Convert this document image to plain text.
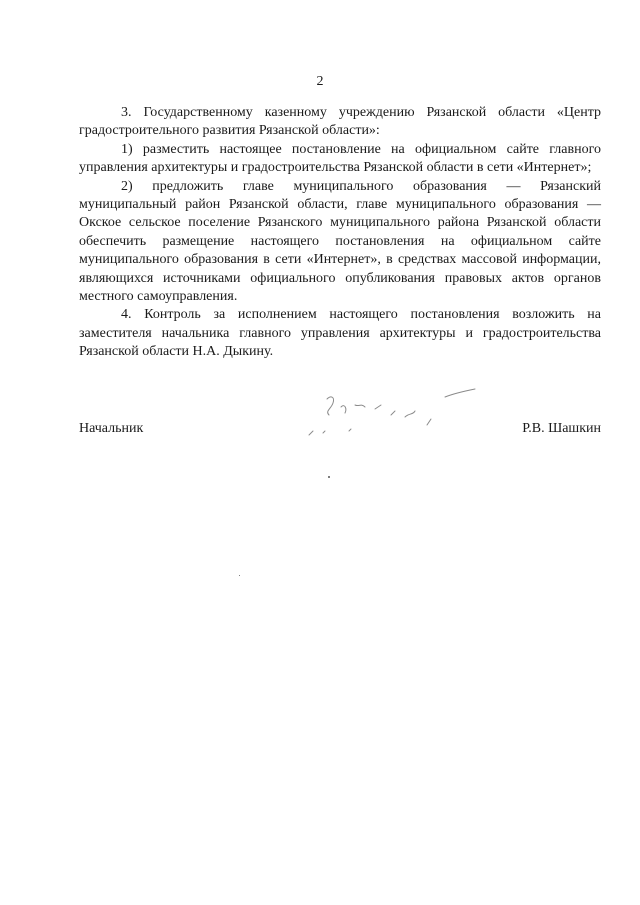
2

3. Государственному казенному учреждению Рязанской области «Центр градостроительного развития Рязанской области»:

1) разместить настоящее постановление на официальном сайте главного управления архитектуры и градостроительства Рязанской области в сети «Интернет»;

2) предложить главе муниципального образования — Рязанский муниципальный район Рязанской области, главе муниципального образования — Окское сельское поселение Рязанского муниципального района Рязанской области обеспечить размещение настоящего постановления на официальном сайте муниципального образования в сети «Интернет», в средствах массовой информации, являющихся источниками официального опубликования правовых актов органов местного самоуправления.

4. Контроль за исполнением настоящего постановления возложить на заместителя начальника главного управления архитектуры и градостроительства Рязанской области Н.А. Дыкину.

Начальник	Р.В. Шашкин
